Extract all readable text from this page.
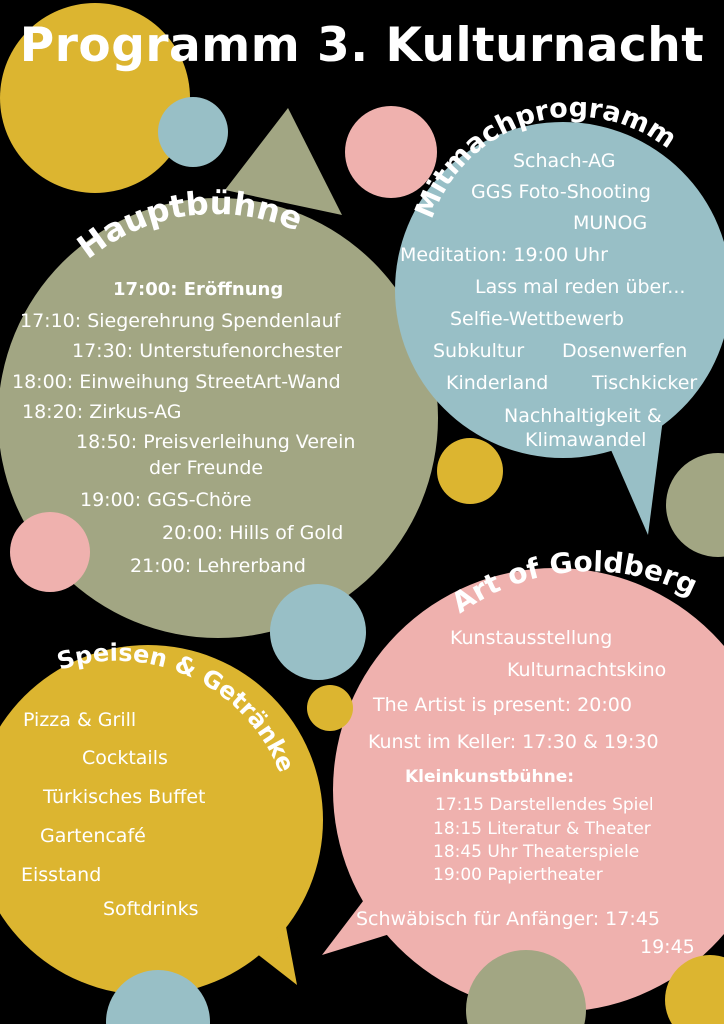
Programm 3. Kulturnacht
Hauptbühne	Mitmachprogramm
Speisen & Getränke
Art of Goldberg
17:00: Eröffnung
17:10: Siegerehrung Spendenlauf
17:30: Unterstufenorchester
18:00: Einweihung StreetArt-Wand
18:20: Zirkus-AG
18:50: Preisverleihung Verein
der Freunde
19:00: GGS-Chöre
20:00: Hills of Gold
21:00: Lehrerband
Schach-AG
GGS Foto-Shooting
MUNOG
Meditation: 19:00 Uhr
Lass mal reden über...
Selfie-Wettbewerb
Subkultur Dosenwerfen
Kinderland Tischkicker
Nachhaltigkeit &
Klimawandel
Pizza & Grill
Cocktails
Türkisches Buffet
Gartencafé
Eisstand
Softdrinks
Kunstausstellung
Kulturnachtskino
The Artist is present: 20:00
Kunst im Keller: 17:30 & 19:30
Kleinkunstbühne:
17:15 Darstellendes Spiel
18:15 Literatur & Theater
18:45 Uhr Theaterspiele
19:00 Papiertheater
Schwäbisch für Anfänger: 17:45
19:45
